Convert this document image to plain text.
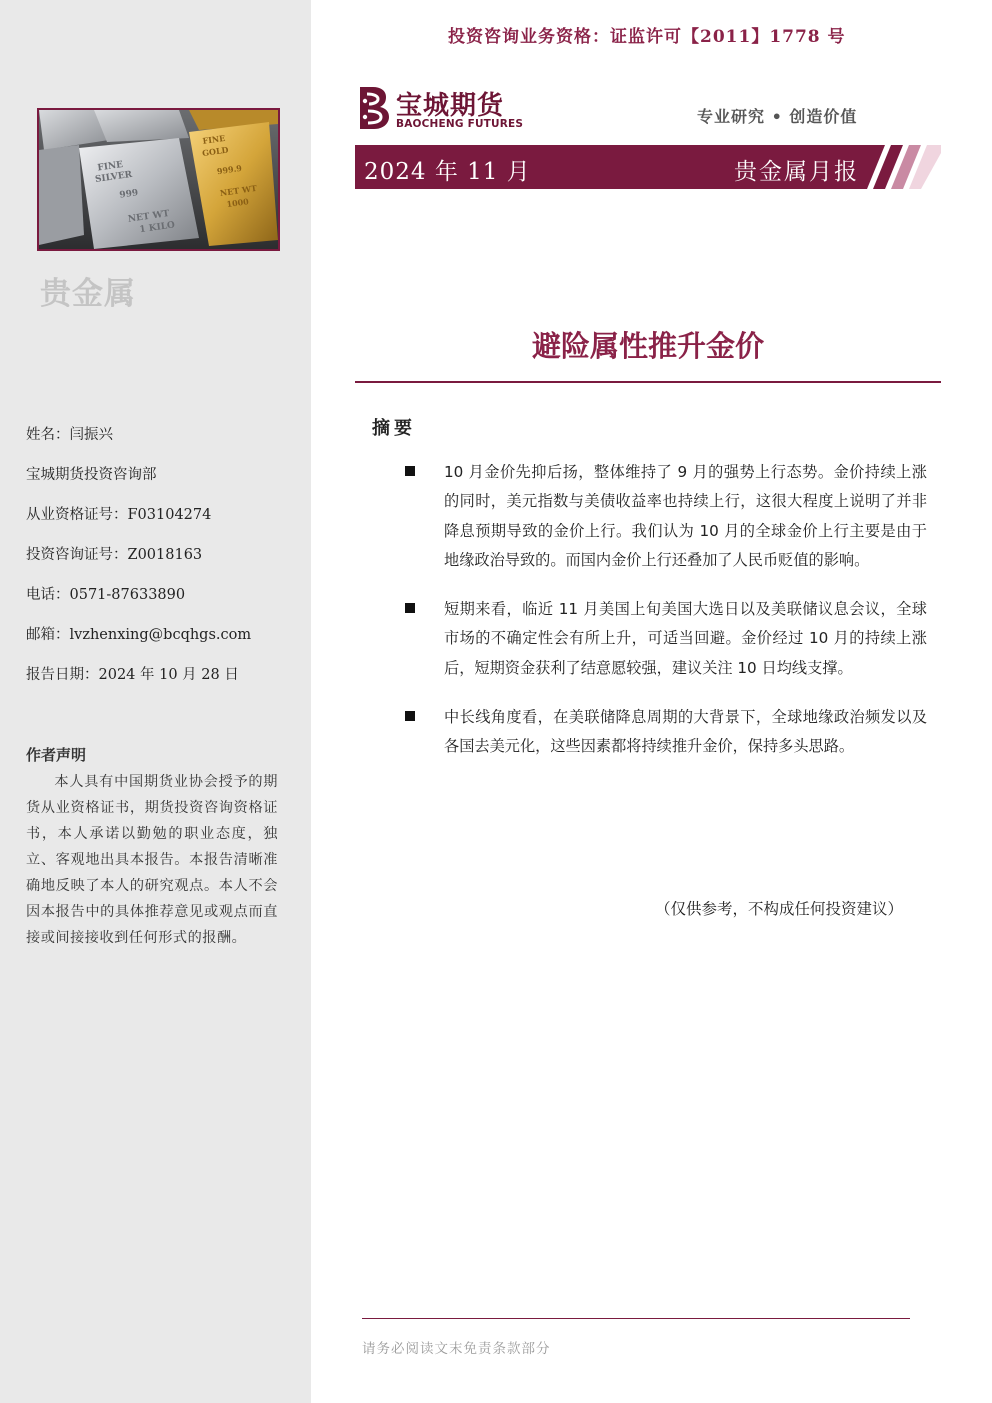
FINE
SILVER
999
NET WT
1 KILO
FINE
GOLD
999.9
NET WT
1000
贵金属
姓名：闫振兴
宝城期货投资咨询部
从业资格证号：F03104274
投资咨询证号：Z0018163
电话：0571-87633890
邮箱：lvzhenxing@bcqhgs.com
报告日期：2024 年 10 月 28 日
作者声明
本人具有中国期货业协会授予的期货从业资格证书，期货投资咨询资格证书，本人承诺以勤勉的职业态度，独立、客观地出具本报告。本报告清晰准确地反映了本人的研究观点。本人不会因本报告中的具体推荐意见或观点而直接或间接接收到任何形式的报酬。
投资咨询业务资格：证监许可【2011】1778 号
宝城期货
BAOCHENG FUTURES	专业研究 • 创造价值
2024 年 11 月	贵金属月报
避险属性推升金价
摘要
10 月金价先抑后扬，整体维持了 9 月的强势上行态势。金价持续上涨的同时，美元指数与美债收益率也持续上行，这很大程度上说明了并非降息预期导致的金价上行。我们认为 10 月的全球金价上行主要是由于地缘政治导致的。而国内金价上行还叠加了人民币贬值的影响。
短期来看，临近 11 月美国上旬美国大选日以及美联储议息会议，全球市场的不确定性会有所上升，可适当回避。金价经过 10 月的持续上涨后，短期资金获利了结意愿较强，建议关注 10 日均线支撑。
中长线角度看，在美联储降息周期的大背景下，全球地缘政治频发以及各国去美元化，这些因素都将持续推升金价，保持多头思路。
（仅供参考，不构成任何投资建议）
请务必阅读文末免责条款部分
